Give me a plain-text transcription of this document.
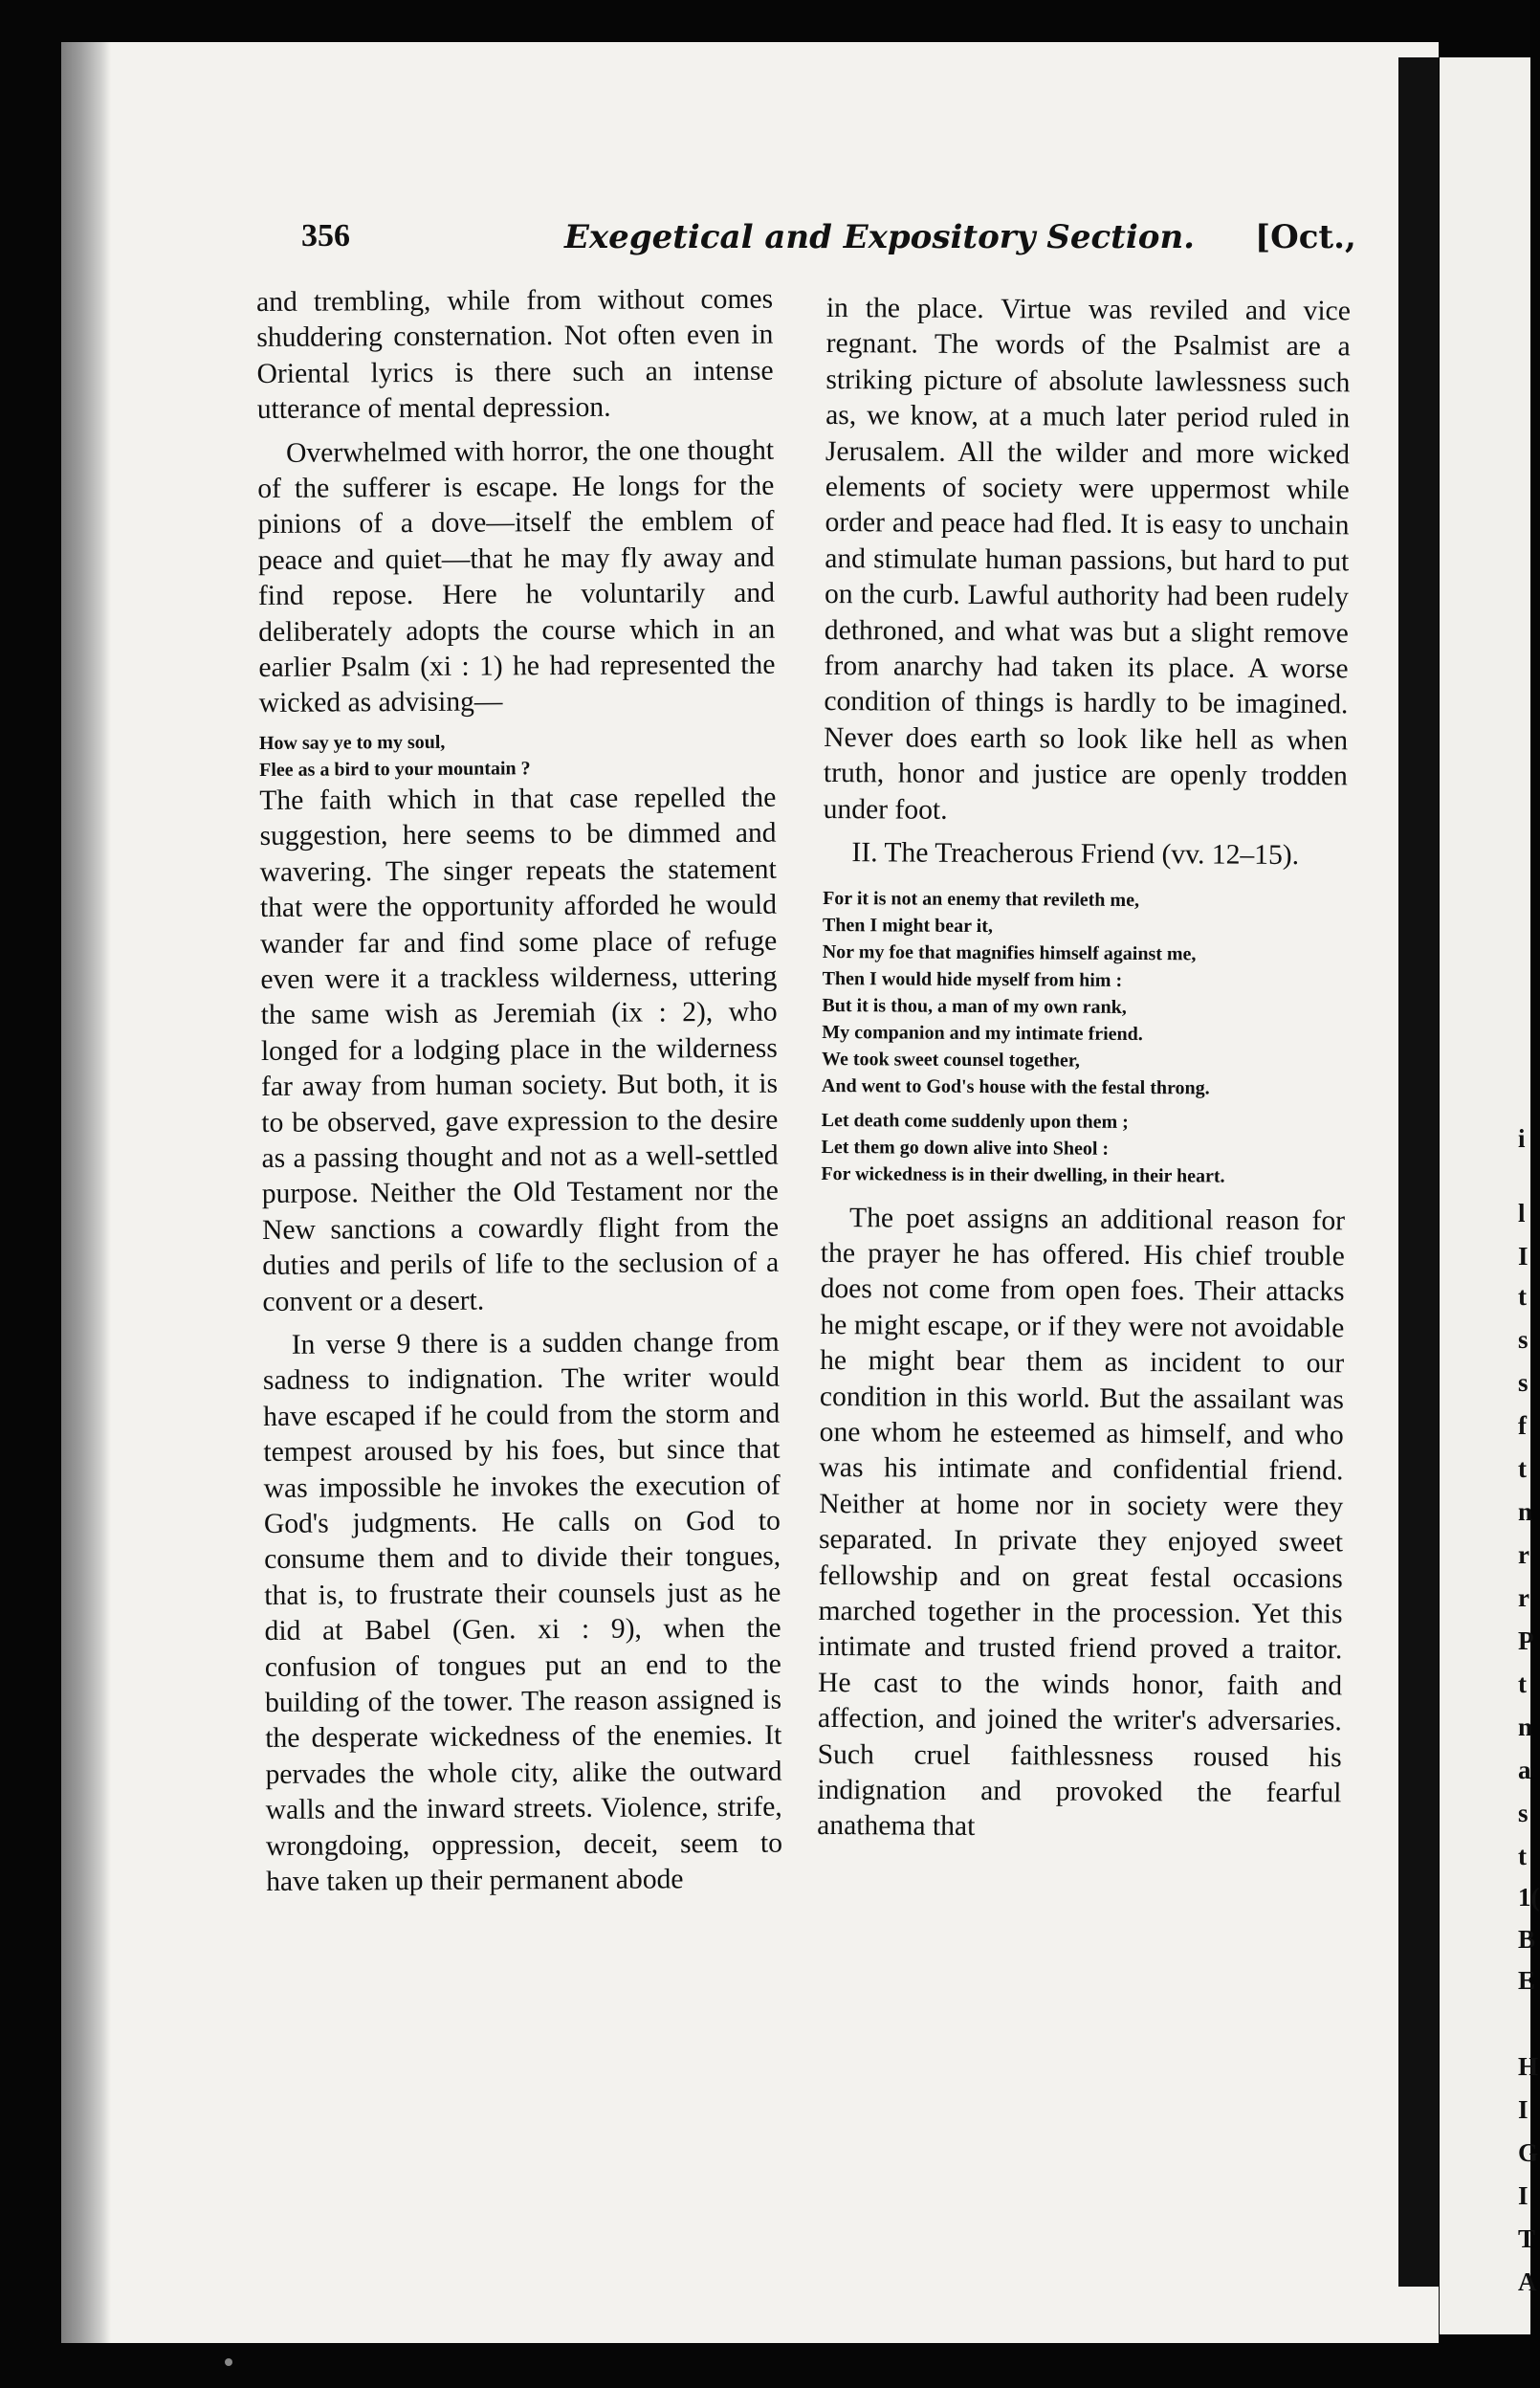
i
l
I
t
s
s
f
t
n
r
r
P
t
n
a
s
t
1(
B
E
H
I
G
I
T
A
356	Exegetical and Expository Section. [Oct.,

and trembling, while from without comes shuddering consternation. Not often even in Oriental lyrics is there such an intense utterance of mental depression.

Overwhelmed with horror, the one thought of the sufferer is escape. He longs for the pinions of a dove—itself the emblem of peace and quiet—that he may fly away and find repose. Here he voluntarily and deliberately adopts the course which in an earlier Psalm (xi : 1) he had represented the wicked as advising—

How say ye to my soul,

Flee as a bird to your mountain ?

The faith which in that case repelled the suggestion, here seems to be dimmed and wavering. The singer repeats the statement that were the opportunity afforded he would wander far and find some place of refuge even were it a trackless wilderness, uttering the same wish as Jeremiah (ix : 2), who longed for a lodging place in the wilderness far away from human society. But both, it is to be observed, gave expression to the desire as a passing thought and not as a well-settled purpose. Neither the Old Testament nor the New sanctions a cowardly flight from the duties and perils of life to the seclusion of a convent or a desert.

In verse 9 there is a sudden change from sadness to indignation. The writer would have escaped if he could from the storm and tempest aroused by his foes, but since that was impossible he invokes the execution of God's judgments. He calls on God to consume them and to divide their tongues, that is, to frustrate their counsels just as he did at Babel (Gen. xi : 9), when the confusion of tongues put an end to the building of the tower. The reason assigned is the desperate wickedness of the enemies. It pervades the whole city, alike the outward walls and the inward streets. Violence, strife, wrongdoing, oppression, deceit, seem to have taken up their permanent abode

in the place. Virtue was reviled and vice regnant. The words of the Psalmist are a striking picture of absolute lawlessness such as, we know, at a much later period ruled in Jerusalem. All the wilder and more wicked elements of society were uppermost while order and peace had fled. It is easy to unchain and stimulate human passions, but hard to put on the curb. Lawful authority had been rudely dethroned, and what was but a slight remove from anarchy had taken its place. A worse condition of things is hardly to be imagined. Never does earth so look like hell as when truth, honor and justice are openly trodden under foot.

II. The Treacherous Friend (vv. 12–15).

For it is not an enemy that revileth me,

Then I might bear it,

Nor my foe that magnifies himself against me,

Then I would hide myself from him :

But it is thou, a man of my own rank,

My companion and my intimate friend.

We took sweet counsel together,

And went to God's house with the festal throng.

Let death come suddenly upon them ;

Let them go down alive into Sheol :

For wickedness is in their dwelling, in their heart.

The poet assigns an additional reason for the prayer he has offered. His chief trouble does not come from open foes. Their attacks he might escape, or if they were not avoidable he might bear them as incident to our condition in this world. But the assailant was one whom he esteemed as himself, and who was his intimate and confidential friend. Neither at home nor in society were they separated. In private they enjoyed sweet fellowship and on great festal occasions marched together in the procession. Yet this intimate and trusted friend proved a traitor. He cast to the winds honor, faith and affection, and joined the writer's adversaries. Such cruel faithlessness roused his indignation and provoked the fearful anathema that
